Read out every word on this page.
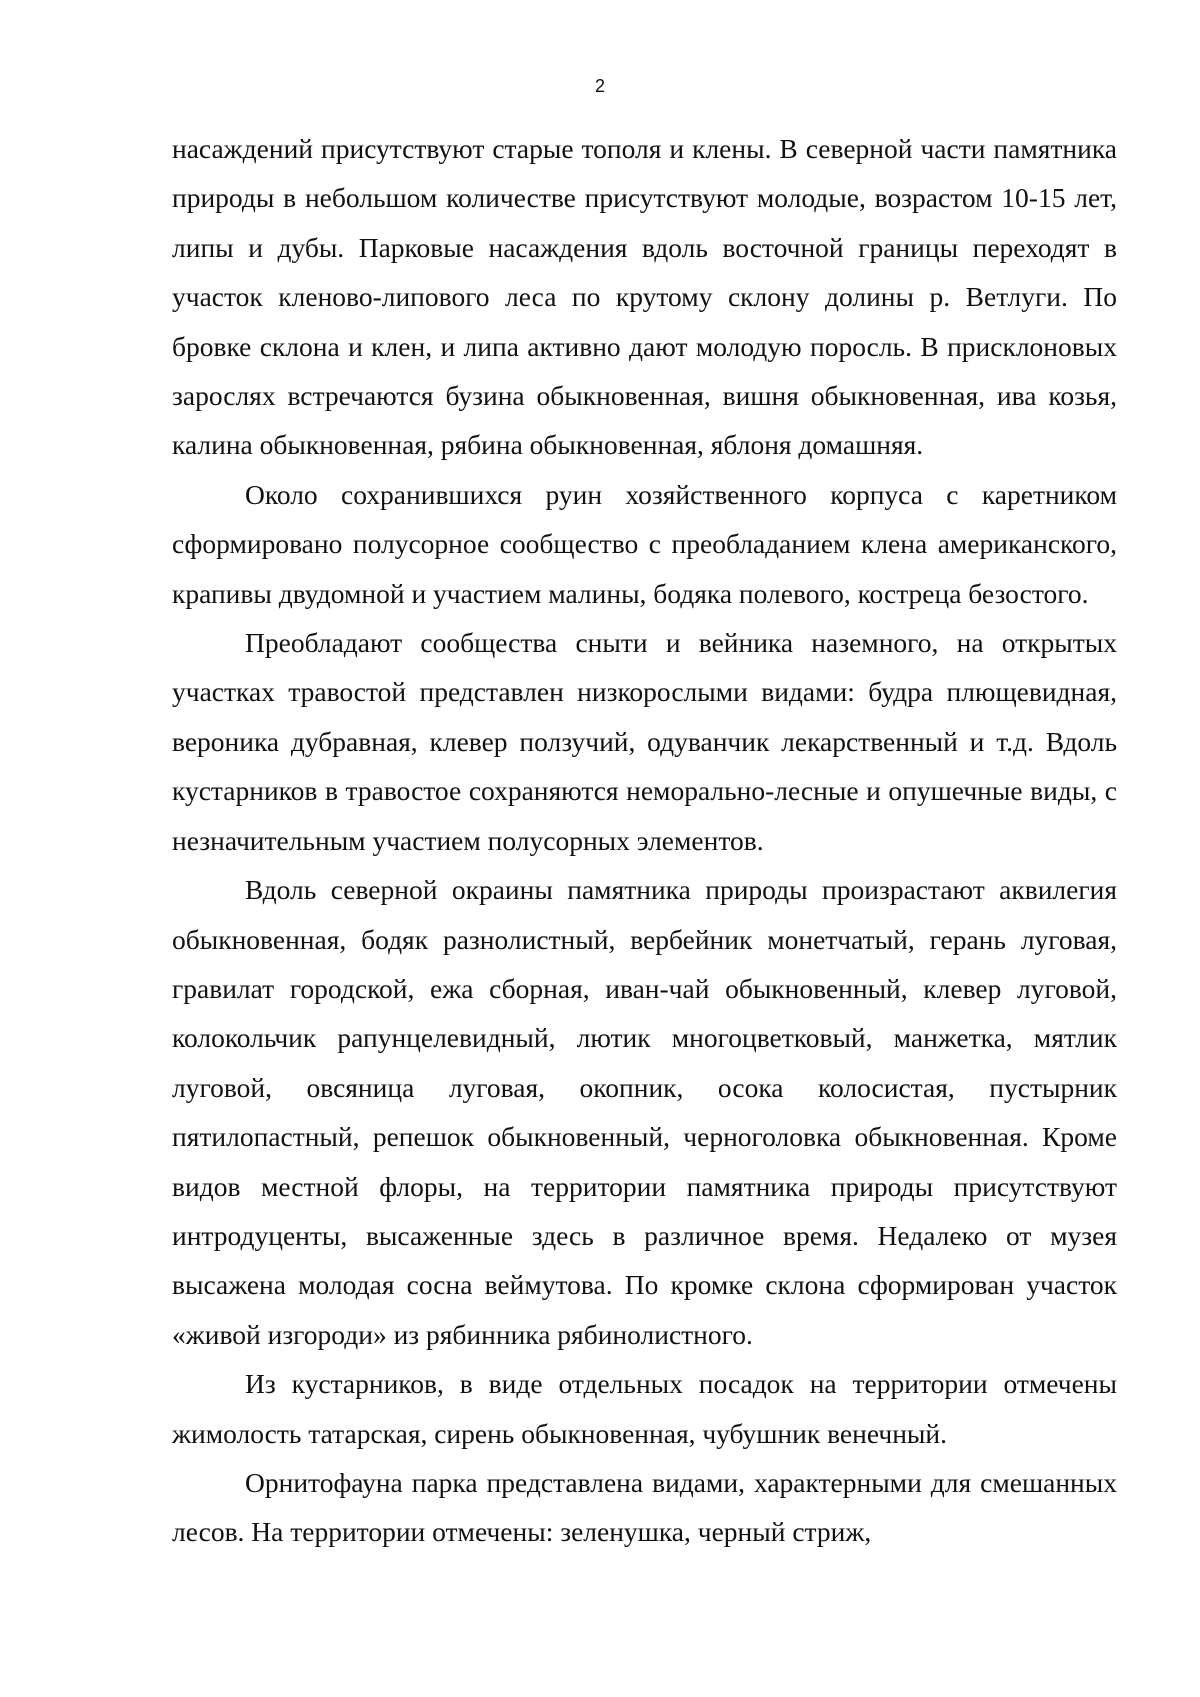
2

насаждений присутствуют старые тополя и клены. В северной части памятника природы в небольшом количестве присутствуют молодые, возрастом 10-15 лет, липы и дубы. Парковые насаждения вдоль восточной границы переходят в участок кленово-липового леса по крутому склону долины р. Ветлуги. По бровке склона и клен, и липа активно дают молодую поросль. В присклоновых зарослях встречаются бузина обыкновенная, вишня обыкновенная, ива козья, калина обыкновенная, рябина обыкновенная, яблоня домашняя.

Около сохранившихся руин хозяйственного корпуса с каретником сформировано полусорное сообщество с преобладанием клена американского, крапивы двудомной и участием малины, бодяка полевого, костреца безостого.

Преобладают сообщества сныти и вейника наземного, на открытых участках травостой представлен низкорослыми видами: будра плющевидная, вероника дубравная, клевер ползучий, одуванчик лекарственный и т.д. Вдоль кустарников в травостое сохраняются неморально-лесные и опушечные виды, с незначительным участием полусорных элементов.

Вдоль северной окраины памятника природы произрастают аквилегия обыкновенная, бодяк разнолистный, вербейник монетчатый, герань луговая, гравилат городской, ежа сборная, иван-чай обыкновенный, клевер луговой, колокольчик рапунцелевидный, лютик многоцветковый, манжетка, мятлик луговой, овсяница луговая, окопник, осока колосистая, пустырник пятилопастный, репешок обыкновенный, черноголовка обыкновенная. Кроме видов местной флоры, на территории памятника природы присутствуют интродуценты, высаженные здесь в различное время. Недалеко от музея высажена молодая сосна веймутова. По кромке склона сформирован участок «живой изгороди» из рябинника рябинолистного.

Из кустарников, в виде отдельных посадок на территории отмечены жимолость татарская, сирень обыкновенная, чубушник венечный.

Орнитофауна парка представлена видами, характерными для смешанных лесов. На территории отмечены: зеленушка, черный стриж,
